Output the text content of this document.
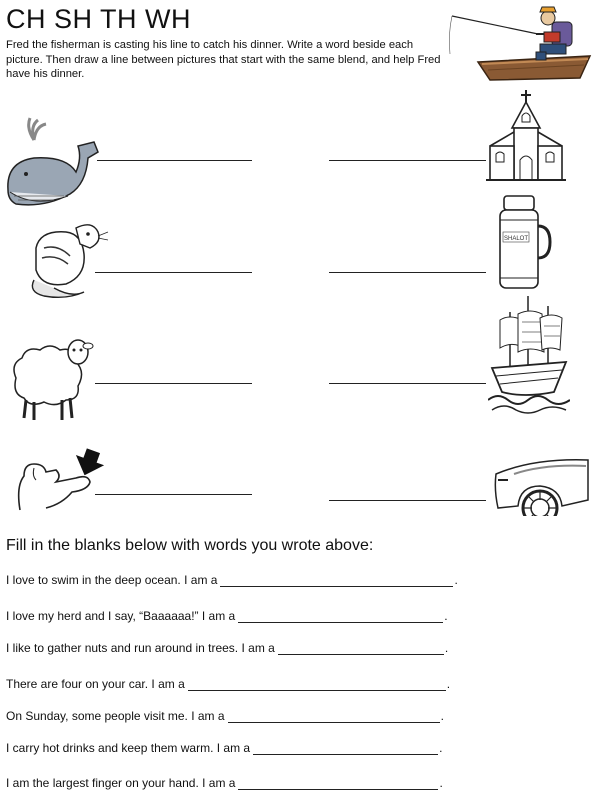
CH SH TH WH
Fred the fisherman is casting his line to catch his dinner. Write a word beside each picture. Then draw a line between pictures that start with the same blend, and help Fred have his dinner.
SHALOT
Fill in the blanks below with words you wrote above:
I love to swim in the deep ocean. I am a	.
I love my herd and I say, “Baaaaaa!” I am a	.
I like to gather nuts and run around in trees. I am a	.
There are four on your car. I am a	.
On Sunday, some people visit me. I am a	.
I carry hot drinks and keep them warm. I am a	.
I am the largest finger on your hand. I am a	.
